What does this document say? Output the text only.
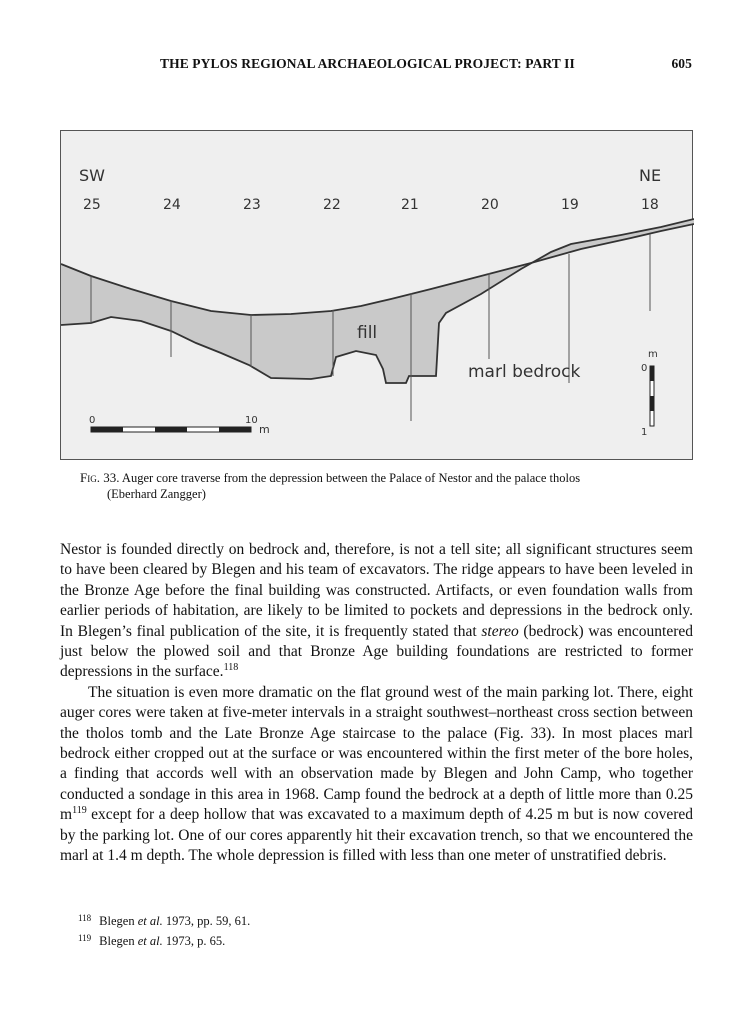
THE PYLOS REGIONAL ARCHAEOLOGICAL PROJECT: PART II	605
SW	NE
25	24	23	22	21	20	19	18
fill
marl bedrock
0	10
m
m
0
1
Fig. 33. Auger core traverse from the depression between the Palace of Nestor and the palace tholos
(Eberhard Zangger)

Nestor is founded directly on bedrock and, therefore, is not a tell site; all significant structures seem to have been cleared by Blegen and his team of excavators. The ridge appears to have been leveled in the Bronze Age before the final building was constructed. Artifacts, or even foundation walls from earlier periods of habitation, are likely to be limited to pockets and depressions in the bedrock only. In Blegen’s final publication of the site, it is frequently stated that stereo (bedrock) was encountered just below the plowed soil and that Bronze Age building foundations are restricted to former depressions in the surface.$^{118}$

The situation is even more dramatic on the flat ground west of the main parking lot. There, eight auger cores were taken at five-meter intervals in a straight southwest–northeast cross section between the tholos tomb and the Late Bronze Age staircase to the palace (Fig. 33). In most places marl bedrock either cropped out at the surface or was encountered within the first meter of the bore holes, a finding that accords well with an observation made by Blegen and John Camp, who together conducted a sondage in this area in 1968. Camp found the bedrock at a depth of little more than 0.25 $m^{119}$ except for a deep hollow that was excavated to a maximum depth of 4.25 m but is now covered by the parking lot. One of our cores apparently hit their excavation trench, so that we encountered the marl at 1.4 m depth. The whole depression is filled with less than one meter of unstratified debris.

$^{118}$ Blegen et al. 1973, pp. 59, 61.
$^{119}$ Blegen et al. 1973, p. 65.
